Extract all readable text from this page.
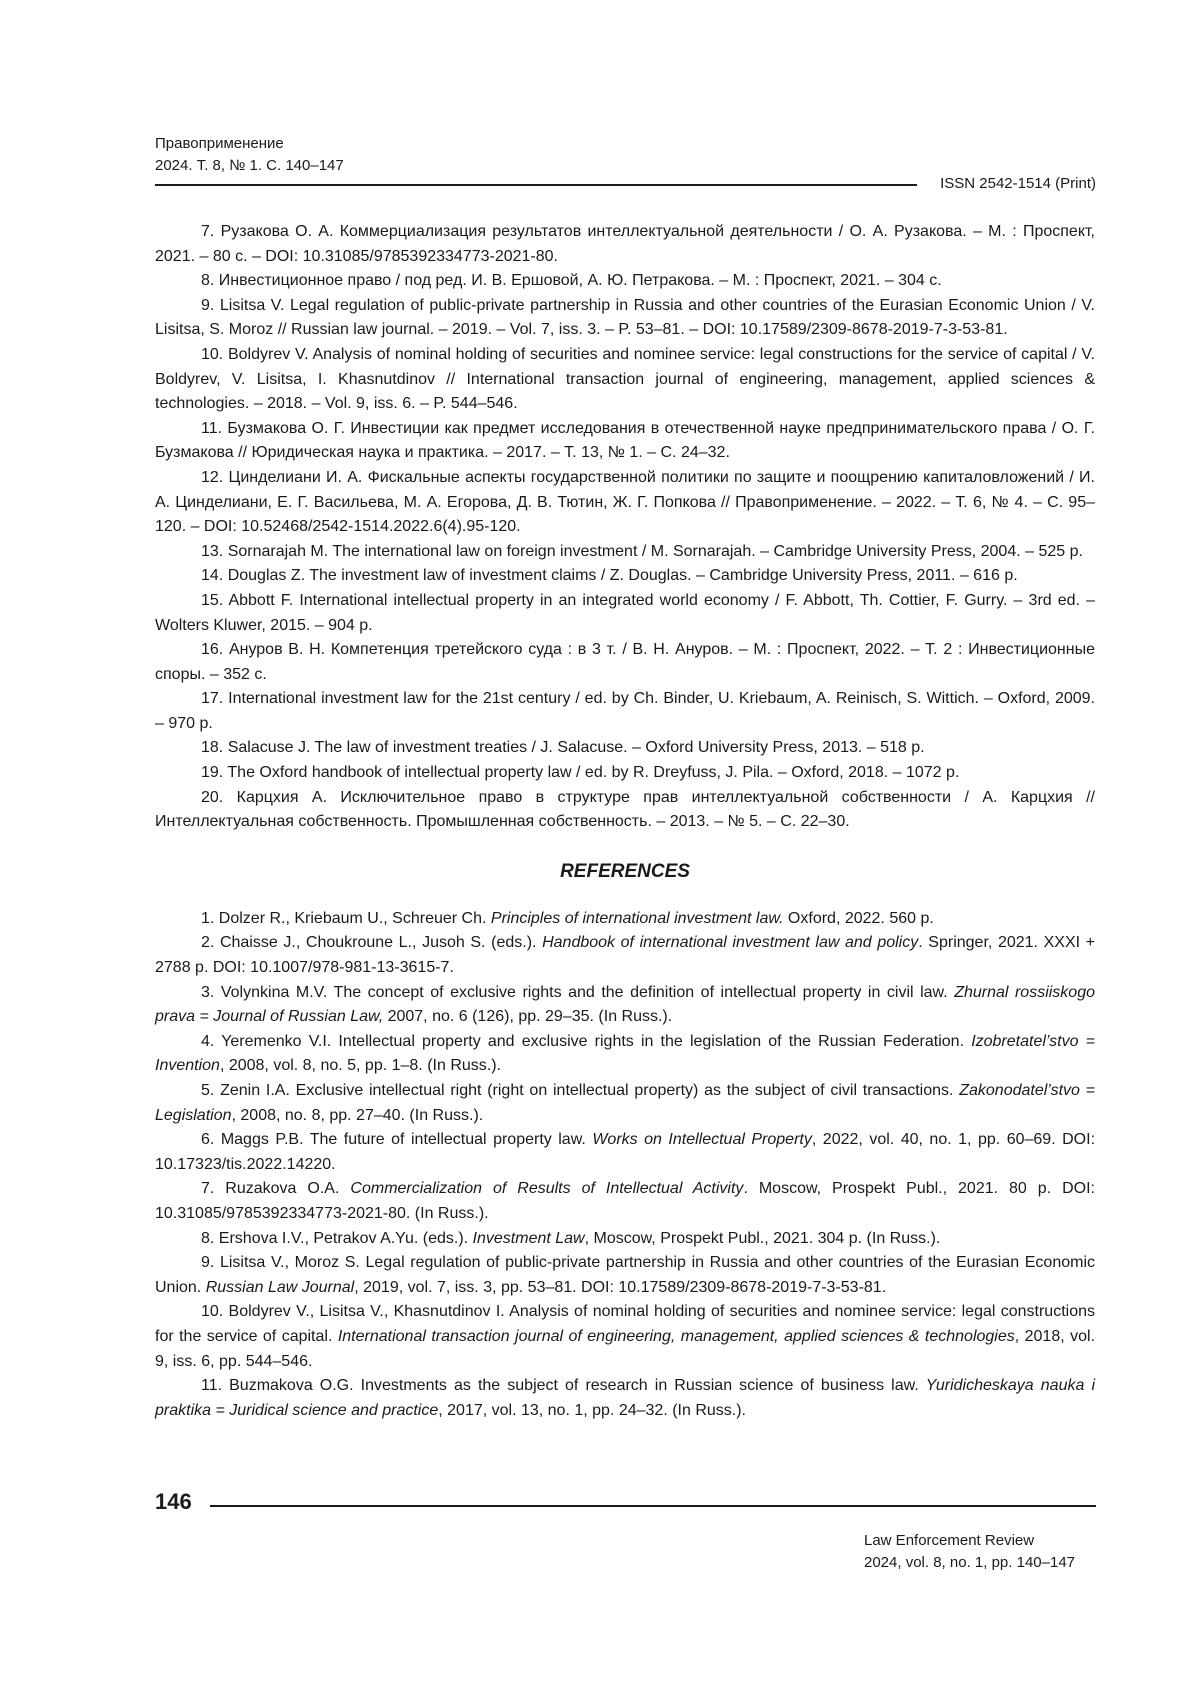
Правоприменение
2024. Т. 8, № 1. С. 140–147
ISSN 2542-1514 (Print)

7. Рузакова О. А. Коммерциализация результатов интеллектуальной деятельности / О. А. Рузакова. – М. : Проспект, 2021. – 80 с. – DOI: 10.31085/9785392334773-2021-80.

8. Инвестиционное право / под ред. И. В. Ершовой, А. Ю. Петракова. – М. : Проспект, 2021. – 304 с.

9. Lisitsa V. Legal regulation of public-private partnership in Russia and other countries of the Eurasian Economic Union / V. Lisitsa, S. Moroz // Russian law journal. – 2019. – Vol. 7, iss. 3. – P. 53–81. – DOI: 10.17589/2309-8678-2019-7-3-53-81.

10. Boldyrev V. Analysis of nominal holding of securities and nominee service: legal constructions for the service of capital / V. Boldyrev, V. Lisitsa, I. Khasnutdinov // International transaction journal of engineering, management, applied sciences & technologies. – 2018. – Vol. 9, iss. 6. – P. 544–546.

11. Бузмакова О. Г. Инвестиции как предмет исследования в отечественной науке предпринимательского права / О. Г. Бузмакова // Юридическая наука и практика. – 2017. – Т. 13, № 1. – С. 24–32.

12. Цинделиани И. А. Фискальные аспекты государственной политики по защите и поощрению капиталовложений / И. А. Цинделиани, Е. Г. Васильева, М. А. Егорова, Д. В. Тютин, Ж. Г. Попкова // Правоприменение. – 2022. – Т. 6, № 4. – С. 95–120. – DOI: 10.52468/2542-1514.2022.6(4).95-120.

13. Sornarajah M. The international law on foreign investment / M. Sornarajah. – Cambridge University Press, 2004. – 525 p.

14. Douglas Z. The investment law of investment claims / Z. Douglas. – Cambridge University Press, 2011. – 616 p.

15. Abbott F. International intellectual property in an integrated world economy / F. Abbott, Th. Cottier, F. Gurry. – 3rd ed. – Wolters Kluwer, 2015. – 904 p.

16. Ануров В. Н. Компетенция третейского суда : в 3 т. / В. Н. Ануров. – М. : Проспект, 2022. – Т. 2 : Инвестиционные споры. – 352 с.

17. International investment law for the 21st century / ed. by Ch. Binder, U. Kriebaum, A. Reinisch, S. Wittich. – Oxford, 2009. – 970 p.

18. Salacuse J. The law of investment treaties / J. Salacuse. – Oxford University Press, 2013. – 518 p.

19. The Oxford handbook of intellectual property law / ed. by R. Dreyfuss, J. Pila. – Oxford, 2018. – 1072 p.

20. Карцхия А. Исключительное право в структуре прав интеллектуальной собственности / А. Карцхия // Интеллектуальная собственность. Промышленная собственность. – 2013. – № 5. – С. 22–30.

REFERENCES

1. Dolzer R., Kriebaum U., Schreuer Ch. Principles of international investment law. Oxford, 2022. 560 p.

2. Chaisse J., Choukroune L., Jusoh S. (eds.). Handbook of international investment law and policy. Springer, 2021. XXXI + 2788 p. DOI: 10.1007/978-981-13-3615-7.

3. Volynkina M.V. The concept of exclusive rights and the definition of intellectual property in civil law. Zhurnal rossiiskogo prava = Journal of Russian Law, 2007, no. 6 (126), pp. 29–35. (In Russ.).

4. Yeremenko V.I. Intellectual property and exclusive rights in the legislation of the Russian Federation. Izobretatel’stvo = Invention, 2008, vol. 8, no. 5, pp. 1–8. (In Russ.).

5. Zenin I.A. Exclusive intellectual right (right on intellectual property) as the subject of civil transactions. Zakonodatel’stvo = Legislation, 2008, no. 8, pp. 27–40. (In Russ.).

6. Maggs P.B. The future of intellectual property law. Works on Intellectual Property, 2022, vol. 40, no. 1, pp. 60–69. DOI: 10.17323/tis.2022.14220.

7. Ruzakova O.A. Commercialization of Results of Intellectual Activity. Moscow, Prospekt Publ., 2021. 80 p. DOI: 10.31085/9785392334773-2021-80. (In Russ.).

8. Ershova I.V., Petrakov A.Yu. (eds.). Investment Law, Moscow, Prospekt Publ., 2021. 304 p. (In Russ.).

9. Lisitsa V., Moroz S. Legal regulation of public-private partnership in Russia and other countries of the Eurasian Economic Union. Russian Law Journal, 2019, vol. 7, iss. 3, pp. 53–81. DOI: 10.17589/2309-8678-2019-7-3-53-81.

10. Boldyrev V., Lisitsa V., Khasnutdinov I. Analysis of nominal holding of securities and nominee service: legal constructions for the service of capital. International transaction journal of engineering, management, applied sciences & technologies, 2018, vol. 9, iss. 6, pp. 544–546.

11. Buzmakova O.G. Investments as the subject of research in Russian science of business law. Yuridicheskaya nauka i praktika = Juridical science and practice, 2017, vol. 13, no. 1, pp. 24–32. (In Russ.).

146
Law Enforcement Review
2024, vol. 8, no. 1, pp. 140–147
